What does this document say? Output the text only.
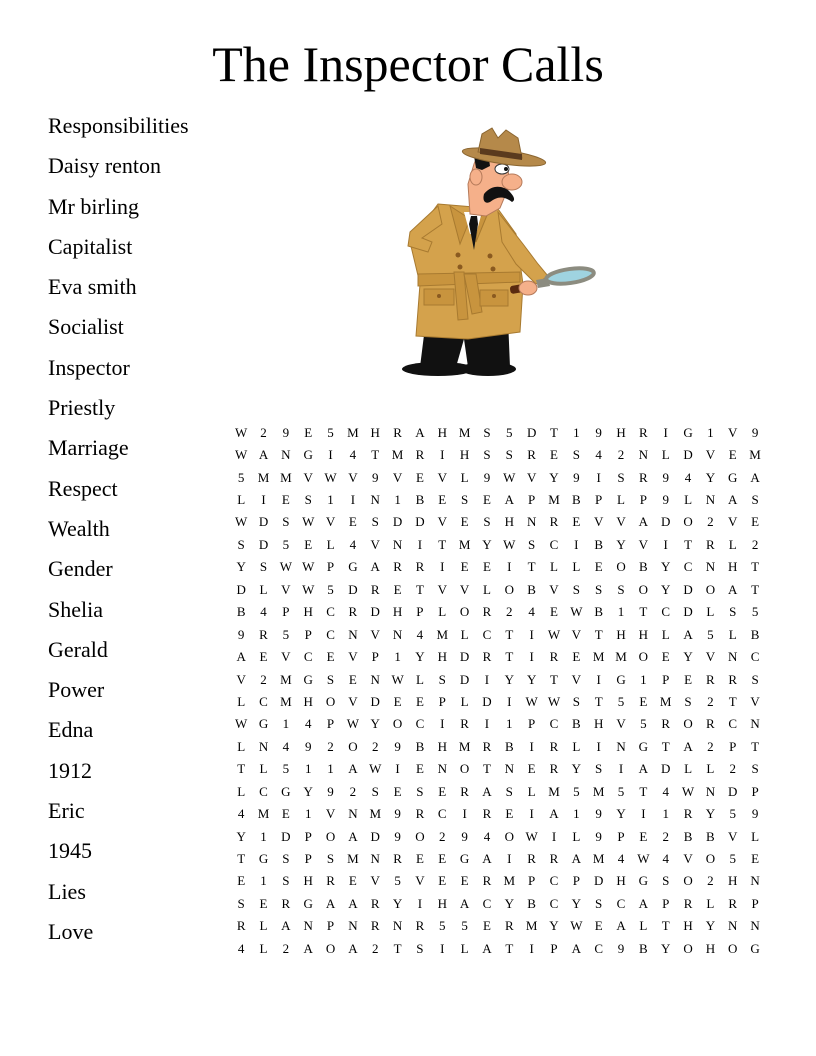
The Inspector Calls
Responsibilities
Daisy renton
Mr birling
Capitalist
Eva smith
Socialist
Inspector
Priestly
Marriage
Respect
Wealth
Gender
Shelia
Gerald
Power
Edna
1912
Eric
1945
Lies
Love
W	2	9	E	5	M	H	R	A	H	M	S	5	D	T	1	9	H	R	I	G	1	V	9
W	A	N	G	I	4	T	M	R	I	H	S	S	R	E	S	4	2	N	L	D	V	E	M
5	M	M	V	W	V	9	V	E	V	L	9	W	V	Y	9	I	S	R	9	4	Y	G	A
L	I	E	S	1	I	N	1	B	E	S	E	A	P	M	B	P	L	P	9	L	N	A	S
W	D	S	W	V	E	S	D	D	V	E	S	H	N	R	E	V	V	A	D	O	2	V	E
S	D	5	E	L	4	V	N	I	T	M	Y	W	S	C	I	B	Y	V	I	T	R	L	2
Y	S	W	W	P	G	A	R	R	I	E	E	I	T	L	L	E	O	B	Y	C	N	H	T
D	L	V	W	5	D	R	E	T	V	V	L	O	B	V	S	S	S	O	Y	D	O	A	T
B	4	P	H	C	R	D	H	P	L	O	R	2	4	E	W	B	1	T	C	D	L	S	5
9	R	5	P	C	N	V	N	4	M	L	C	T	I	W	V	T	H	H	L	A	5	L	B
A	E	V	C	E	V	P	1	Y	H	D	R	T	I	R	E	M	M	O	E	Y	V	N	C
V	2	M	G	S	E	N	W	L	S	D	I	Y	Y	T	V	I	G	1	P	E	R	R	S
L	C	M	H	O	V	D	E	E	P	L	D	I	W	W	S	T	5	E	M	S	2	T	V
W	G	1	4	P	W	Y	O	C	I	R	I	1	P	C	B	H	V	5	R	O	R	C	N
L	N	4	9	2	O	2	9	B	H	M	R	B	I	R	L	I	N	G	T	A	2	P	T
T	L	5	1	1	A	W	I	E	N	O	T	N	E	R	Y	S	I	A	D	L	L	2	S
L	C	G	Y	9	2	S	E	S	E	R	A	S	L	M	5	M	5	T	4	W	N	D	P
4	M	E	1	V	N	M	9	R	C	I	R	E	I	A	1	9	Y	I	1	R	Y	5	9
Y	1	D	P	O	A	D	9	O	2	9	4	O	W	I	L	9	P	E	2	B	B	V	L
T	G	S	P	S	M	N	R	E	E	G	A	I	R	R	A	M	4	W	4	V	O	5	E
E	1	S	H	R	E	V	5	V	E	E	R	M	P	C	P	D	H	G	S	O	2	H	N
S	E	R	G	A	A	R	Y	I	H	A	C	Y	B	C	Y	S	C	A	P	R	L	R	P
R	L	A	N	P	N	R	N	R	5	5	E	R	M	Y	W	E	A	L	T	H	Y	N	N
4	L	2	A	O	A	2	T	S	I	L	A	T	I	P	A	C	9	B	Y	O	H	O	G
